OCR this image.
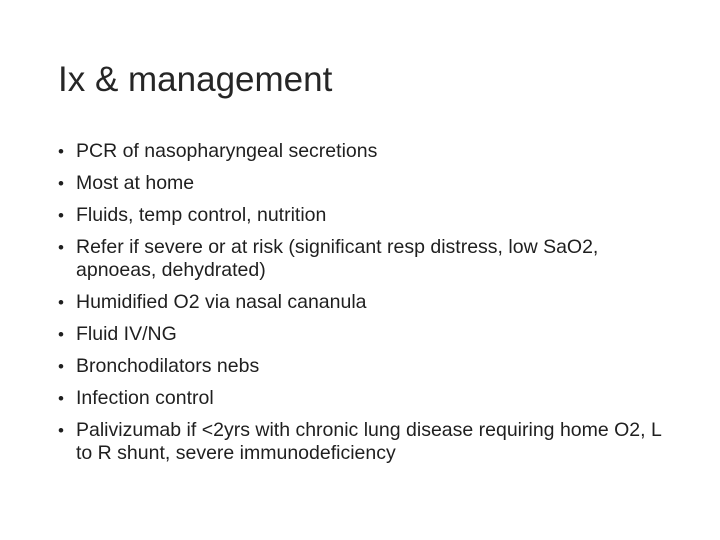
Ix & management
• PCR of nasopharyngeal secretions
• Most at home
• Fluids, temp control, nutrition
• Refer if severe or at risk (significant resp distress, low SaO2, apnoeas, dehydrated)
• Humidified O2 via nasal cananula
• Fluid IV/NG
• Bronchodilators nebs
• Infection control
• Palivizumab if <2yrs with chronic lung disease requiring home O2, L to R shunt, severe immunodeficiency
